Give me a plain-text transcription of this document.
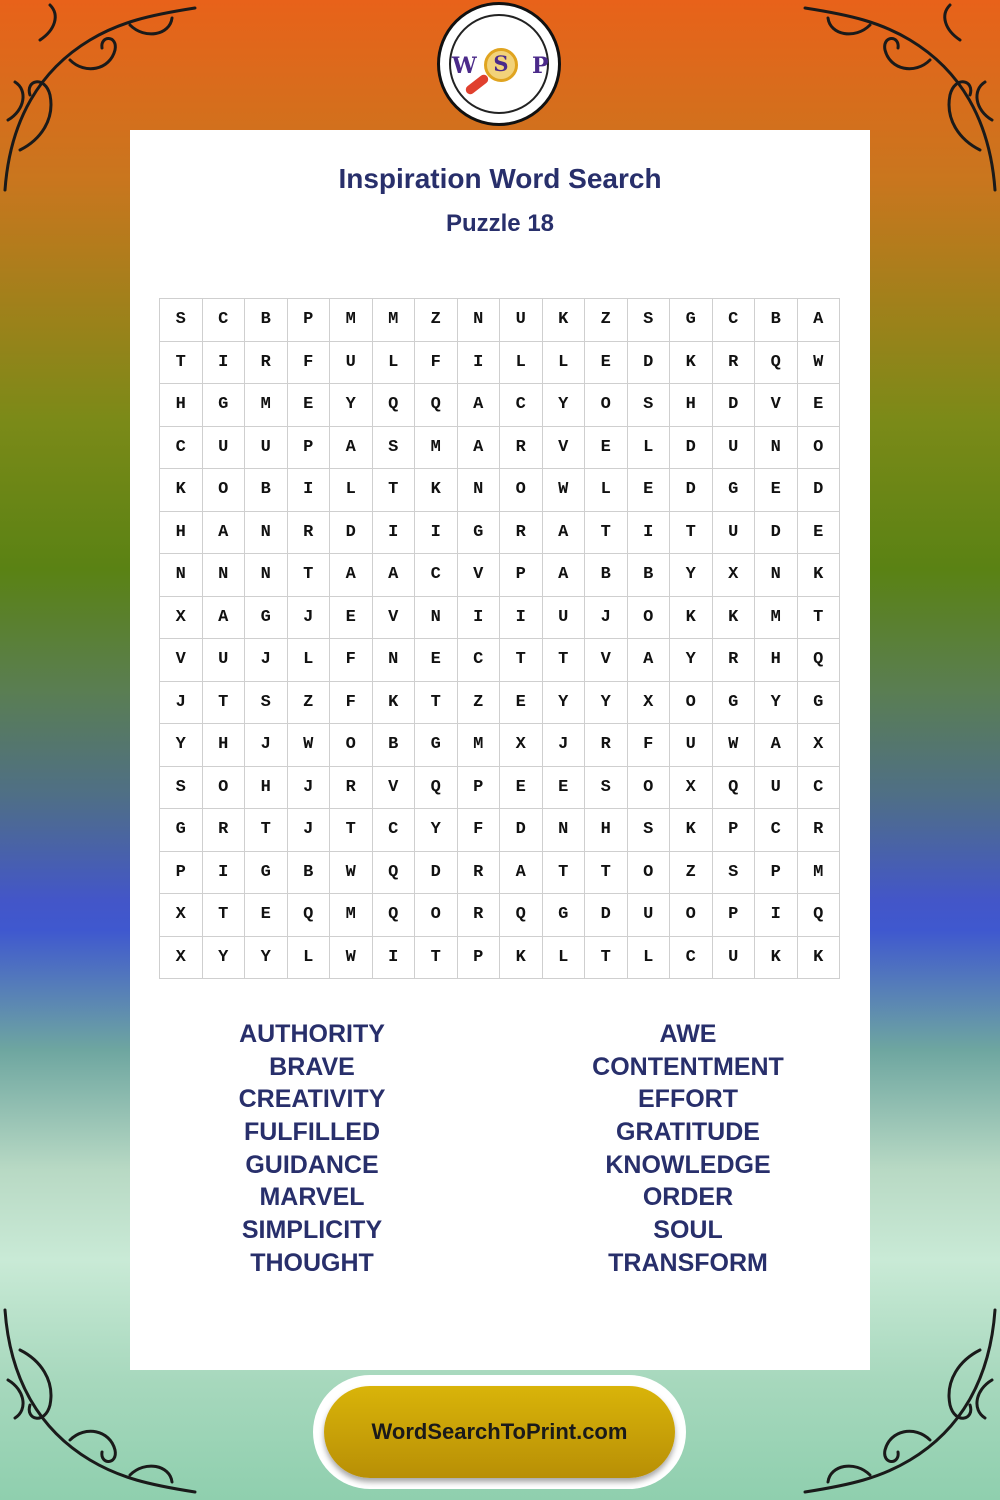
W S P
Inspiration Word Search
Puzzle 18
S	C	B	P	M	M	Z	N	U	K	Z	S	G	C	B	A
T	I	R	F	U	L	F	I	L	L	E	D	K	R	Q	W
H	G	M	E	Y	Q	Q	A	C	Y	O	S	H	D	V	E
C	U	U	P	A	S	M	A	R	V	E	L	D	U	N	O
K	O	B	I	L	T	K	N	O	W	L	E	D	G	E	D
H	A	N	R	D	I	I	G	R	A	T	I	T	U	D	E
N	N	N	T	A	A	C	V	P	A	B	B	Y	X	N	K
X	A	G	J	E	V	N	I	I	U	J	O	K	K	M	T
V	U	J	L	F	N	E	C	T	T	V	A	Y	R	H	Q
J	T	S	Z	F	K	T	Z	E	Y	Y	X	O	G	Y	G
Y	H	J	W	O	B	G	M	X	J	R	F	U	W	A	X
S	O	H	J	R	V	Q	P	E	E	S	O	X	Q	U	C
G	R	T	J	T	C	Y	F	D	N	H	S	K	P	C	R
P	I	G	B	W	Q	D	R	A	T	T	O	Z	S	P	M
X	T	E	Q	M	Q	O	R	Q	G	D	U	O	P	I	Q
X	Y	Y	L	W	I	T	P	K	L	T	L	C	U	K	K
AUTHORITY
BRAVE
CREATIVITY
FULFILLED
GUIDANCE
MARVEL
SIMPLICITY
THOUGHT
AWE
CONTENTMENT
EFFORT
GRATITUDE
KNOWLEDGE
ORDER
SOUL
TRANSFORM
WordSearchToPrint.com
